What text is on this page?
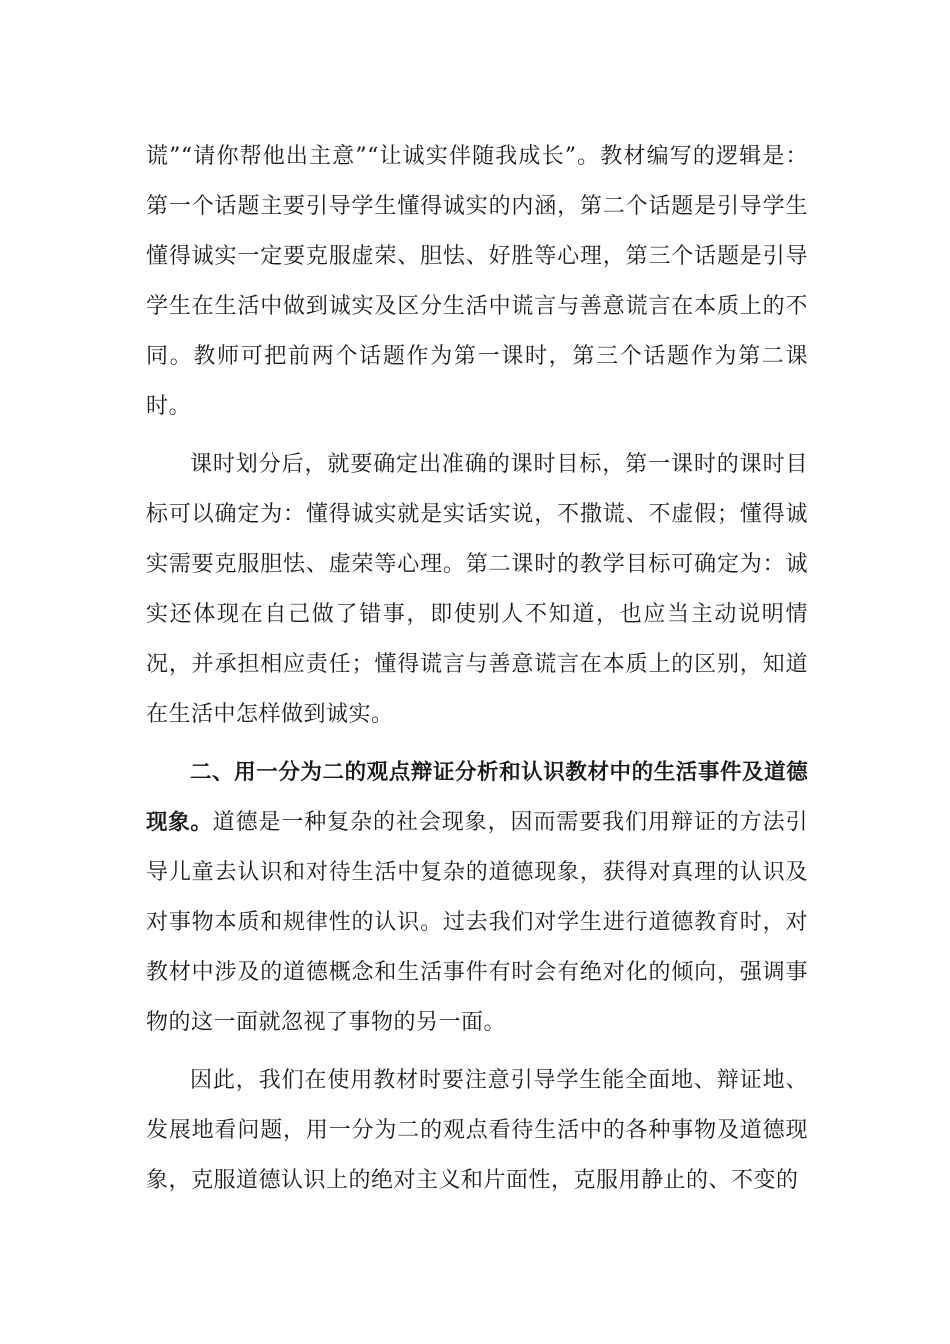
谎”“请你帮他出主意”“让诚实伴随我成长”。教材编写的逻辑是：第一个话题主要引导学生懂得诚实的内涵，第二个话题是引导学生懂得诚实一定要克服虚荣、胆怯、好胜等心理，第三个话题是引导学生在生活中做到诚实及区分生活中谎言与善意谎言在本质上的不同。教师可把前两个话题作为第一课时，第三个话题作为第二课时。

课时划分后，就要确定出准确的课时目标，第一课时的课时目标可以确定为：懂得诚实就是实话实说，不撒谎、不虚假；懂得诚实需要克服胆怯、虚荣等心理。第二课时的教学目标可确定为：诚实还体现在自己做了错事，即使别人不知道，也应当主动说明情况，并承担相应责任；懂得谎言与善意谎言在本质上的区别，知道在生活中怎样做到诚实。

二、用一分为二的观点辩证分析和认识教材中的生活事件及道德现象。道德是一种复杂的社会现象，因而需要我们用辩证的方法引导儿童去认识和对待生活中复杂的道德现象，获得对真理的认识及对事物本质和规律性的认识。过去我们对学生进行道德教育时，对教材中涉及的道德概念和生活事件有时会有绝对化的倾向，强调事物的这一面就忽视了事物的另一面。

因此，我们在使用教材时要注意引导学生能全面地、辩证地、发展地看问题，用一分为二的观点看待生活中的各种事物及道德现象，克服道德认识上的绝对主义和片面性，克服用静止的、不变的
